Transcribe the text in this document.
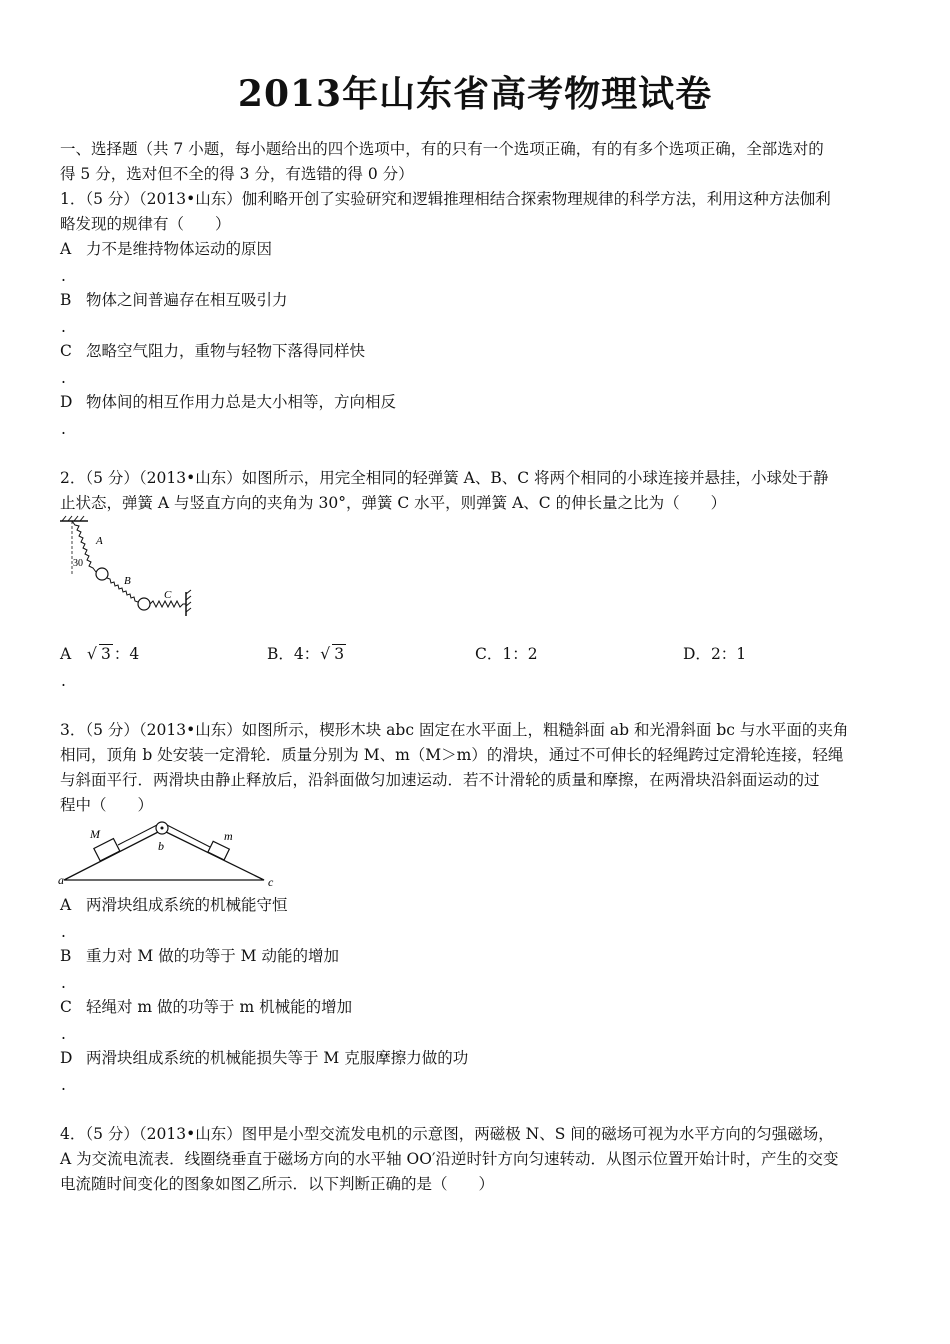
2013年山东省高考物理试卷
一、选择题（共 7 小题，每小题给出的四个选项中，有的只有一个选项正确，有的有多个选项正确，全部选对的
得 5 分，选对但不全的得 3 分，有选错的得 0 分）
1．（5 分）（2013•山东）伽利略开创了实验研究和逻辑推理相结合探索物理规律的科学方法，利用这种方法伽利
略发现的规律有（　　）
A 力不是维持物体运动的原因
.
B 物体之间普遍存在相互吸引力
.
C 忽略空气阻力，重物与轻物下落得同样快
.
D 物体间的相互作用力总是大小相等，方向相反
.
2．（5 分）（2013•山东）如图所示，用完全相同的轻弹簧 A、B、C 将两个相同的小球连接并悬挂，小球处于静
止状态，弹簧 A 与竖直方向的夹角为 30°，弹簧 C 水平，则弹簧 A、C 的伸长量之比为（　　）
30
A
B
C
A √ 3 ：4	B．4： √ 3	C．1：2	D．2：1
.
3．（5 分）（2013•山东）如图所示，楔形木块 abc 固定在水平面上，粗糙斜面 ab 和光滑斜面 bc 与水平面的夹角
相同，顶角 b 处安装一定滑轮．质量分别为 M、m（M＞m）的滑块，通过不可伸长的轻绳跨过定滑轮连接，轻绳
与斜面平行．两滑块由静止释放后，沿斜面做匀加速运动．若不计滑轮的质量和摩擦，在两滑块沿斜面运动的过
程中（　　）
M	m
b
a	c
A 两滑块组成系统的机械能守恒
.
B 重力对 M 做的功等于 M 动能的增加
.
C 轻绳对 m 做的功等于 m 机械能的增加
.
D 两滑块组成系统的机械能损失等于 M 克服摩擦力做的功
.
4．（5 分）（2013•山东）图甲是小型交流发电机的示意图，两磁极 N、S 间的磁场可视为水平方向的匀强磁场，
A 为交流电流表．线圈绕垂直于磁场方向的水平轴 OO′沿逆时针方向匀速转动．从图示位置开始计时，产生的交变
电流随时间变化的图象如图乙所示．以下判断正确的是（　　）
